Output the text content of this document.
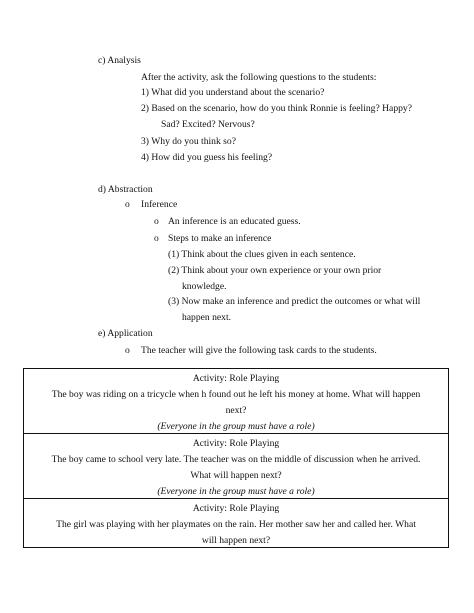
c) Analysis
After the activity, ask the following questions to the students:
1) What did you understand about the scenario?
2) Based on the scenario, how do you think Ronnie is feeling? Happy?
Sad? Excited? Nervous?
3) Why do you think so?
4) How did you guess his feeling?
d) Abstraction
o Inference
o An inference is an educated guess.
o Steps to make an inference
(1) Think about the clues given in each sentence.
(2) Think about your own experience or your own prior
knowledge.
(3) Now make an inference and predict the outcomes or what will
happen next.
e) Application
o The teacher will give the following task cards to the students.
Activity: Role Playing
The boy was riding on a tricycle when h found out he left his money at home. What will happen
next?
(Everyone in the group must have a role)

Activity: Role Playing
The boy came to school very late. The teacher was on the middle of discussion when he arrived.
What will happen next?
(Everyone in the group must have a role)

Activity: Role Playing
The girl was playing with her playmates on the rain. Her mother saw her and called her. What
will happen next?
